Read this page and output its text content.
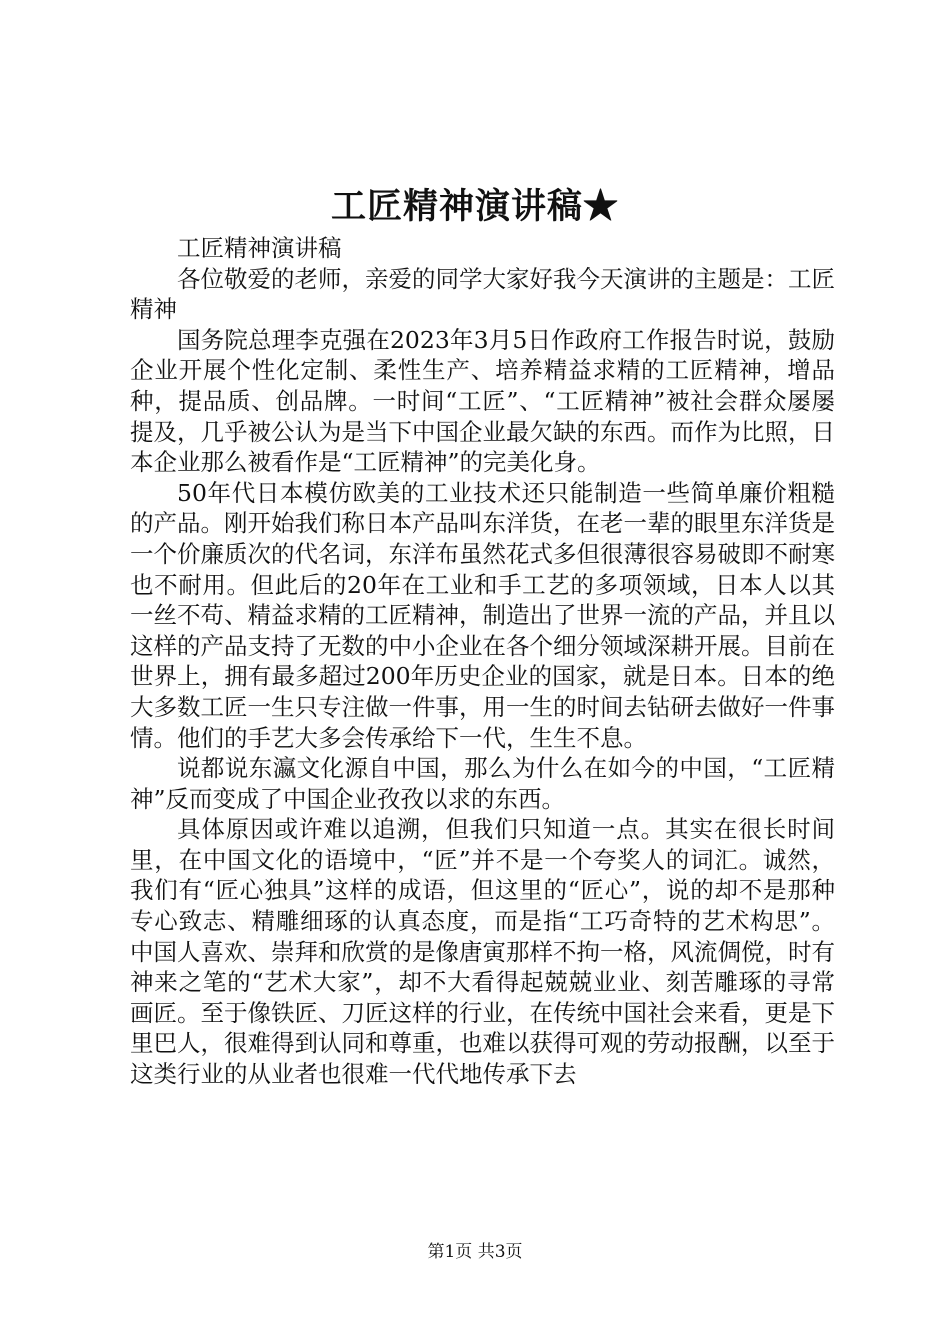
工匠精神演讲稿★

工匠精神演讲稿

各位敬爱的老师，亲爱的同学大家好我今天演讲的主题是：工匠精神

国务院总理李克强在2023年3月5日作政府工作报告时说，鼓励企业开展个性化定制、柔性生产、培养精益求精的工匠精神，增品种，提品质、创品牌。一时间“工匠”、“工匠精神”被社会群众屡屡提及，几乎被公认为是当下中国企业最欠缺的东西。而作为比照，日本企业那么被看作是“工匠精神”的完美化身。

50年代日本模仿欧美的工业技术还只能制造一些简单廉价粗糙的产品。刚开始我们称日本产品叫东洋货，在老一辈的眼里东洋货是一个价廉质次的代名词，东洋布虽然花式多但很薄很容易破即不耐寒也不耐用。但此后的20年在工业和手工艺的多项领域，日本人以其一丝不苟、精益求精的工匠精神，制造出了世界一流的产品，并且以这样的产品支持了无数的中小企业在各个细分领域深耕开展。目前在世界上，拥有最多超过200年历史企业的国家，就是日本。日本的绝大多数工匠一生只专注做一件事，用一生的时间去钻研去做好一件事情。他们的手艺大多会传承给下一代，生生不息。

说都说东瀛文化源自中国，那么为什么在如今的中国，“工匠精神”反而变成了中国企业孜孜以求的东西。

具体原因或许难以追溯，但我们只知道一点。其实在很长时间里，在中国文化的语境中，“匠”并不是一个夸奖人的词汇。诚然，我们有“匠心独具”这样的成语，但这里的“匠心”，说的却不是那种专心致志、精雕细琢的认真态度，而是指“工巧奇特的艺术构思”。中国人喜欢、崇拜和欣赏的是像唐寅那样不拘一格，风流倜傥，时有神来之笔的“艺术大家”，却不大看得起兢兢业业、刻苦雕琢的寻常画匠。至于像铁匠、刀匠这样的行业，在传统中国社会来看，更是下里巴人，很难得到认同和尊重，也难以获得可观的劳动报酬，以至于这类行业的从业者也很难一代代地传承下去

第1页 共3页
